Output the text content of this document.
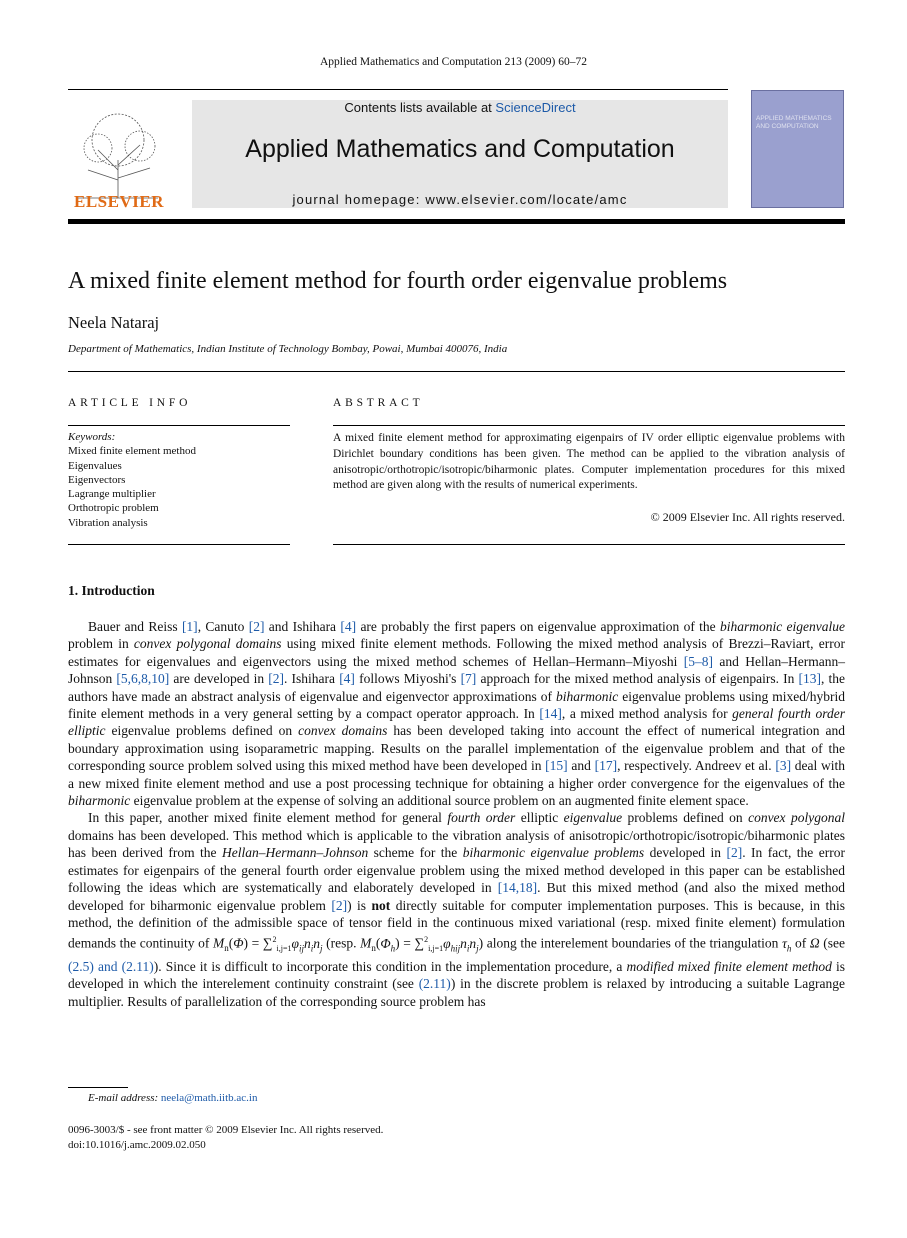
Applied Mathematics and Computation 213 (2009) 60–72
ELSEVIER
Contents lists available at ScienceDirect
Applied Mathematics and Computation
journal homepage: www.elsevier.com/locate/amc
APPLIED MATHEMATICS AND COMPUTATION
A mixed finite element method for fourth order eigenvalue problems
Neela Nataraj
Department of Mathematics, Indian Institute of Technology Bombay, Powai, Mumbai 400076, India
ARTICLE INFO	ABSTRACT
Keywords:
Mixed finite element method
Eigenvalues
Eigenvectors
Lagrange multiplier
Orthotropic problem
Vibration analysis
A mixed finite element method for approximating eigenpairs of IV order elliptic eigenvalue problems with Dirichlet boundary conditions has been given. The method can be applied to the vibration analysis of anisotropic/orthotropic/isotropic/biharmonic plates. Computer implementation procedures for this mixed method are given along with the results of numerical experiments.
© 2009 Elsevier Inc. All rights reserved.
1. Introduction

Bauer and Reiss [1], Canuto [2] and Ishihara [4] are probably the first papers on eigenvalue approximation of the biharmonic eigenvalue problem in convex polygonal domains using mixed finite element methods. Following the mixed method analysis of Brezzi–Raviart, error estimates for eigenvalues and eigenvectors using the mixed method schemes of Hellan–Hermann–Miyoshi [5–8] and Hellan–Hermann–Johnson [5,6,8,10] are developed in [2]. Ishihara [4] follows Miyoshi's [7] approach for the mixed method analysis of eigenpairs. In [13], the authors have made an abstract analysis of eigenvalue and eigenvector approximations of biharmonic eigenvalue problems using mixed/hybrid finite element methods in a very general setting by a compact operator approach. In [14], a mixed method analysis for general fourth order elliptic eigenvalue problems defined on convex domains has been developed taking into account the effect of numerical integration and boundary approximation using isoparametric mapping. Results on the parallel implementation of the eigenvalue problem and that of the corresponding source problem solved using this mixed method have been developed in [15] and [17], respectively. Andreev et al. [3] deal with a new mixed finite element method and use a post processing technique for obtaining a higher order convergence for the eigenvalues of the biharmonic eigenvalue problem at the expense of solving an additional source problem on an augmented finite element space.

In this paper, another mixed finite element method for general fourth order elliptic eigenvalue problems defined on convex polygonal domains has been developed. This method which is applicable to the vibration analysis of anisotropic/orthotropic/isotropic/biharmonic plates has been derived from the Hellan–Hermann–Johnson scheme for the biharmonic eigenvalue problems developed in [2]. In fact, the error estimates for eigenpairs of the general fourth order eigenvalue problem using the mixed method developed in this paper can be established following the ideas which are systematically and elaborately developed in [14,18]. But this mixed method (and also the mixed method developed for biharmonic eigenvalue problem [2]) is not directly suitable for computer implementation purposes. This is because, in this method, the definition of the admissible space of tensor field in the continuous mixed variational (resp. mixed finite element) formulation demands the continuity of $M_n(\Phi) = \sum^2_{i,j=1}\varphi_{ij}n_in_j$ (resp. $M_n(\Phi_h) = \sum^2_{i,j=1}\varphi_{hij}n_in_j$) along the interelement boundaries of the triangulation $\tau_h$ of Ω (see (2.5) and (2.11)). Since it is difficult to incorporate this condition in the implementation procedure, a modified mixed finite element method is developed in which the interelement continuity constraint (see (2.11)) in the discrete problem is relaxed by introducing a suitable Lagrange multiplier. Results of parallelization of the corresponding source problem has

E-mail address: neela@math.iitb.ac.in
0096-3003/$ - see front matter © 2009 Elsevier Inc. All rights reserved.
doi:10.1016/j.amc.2009.02.050
